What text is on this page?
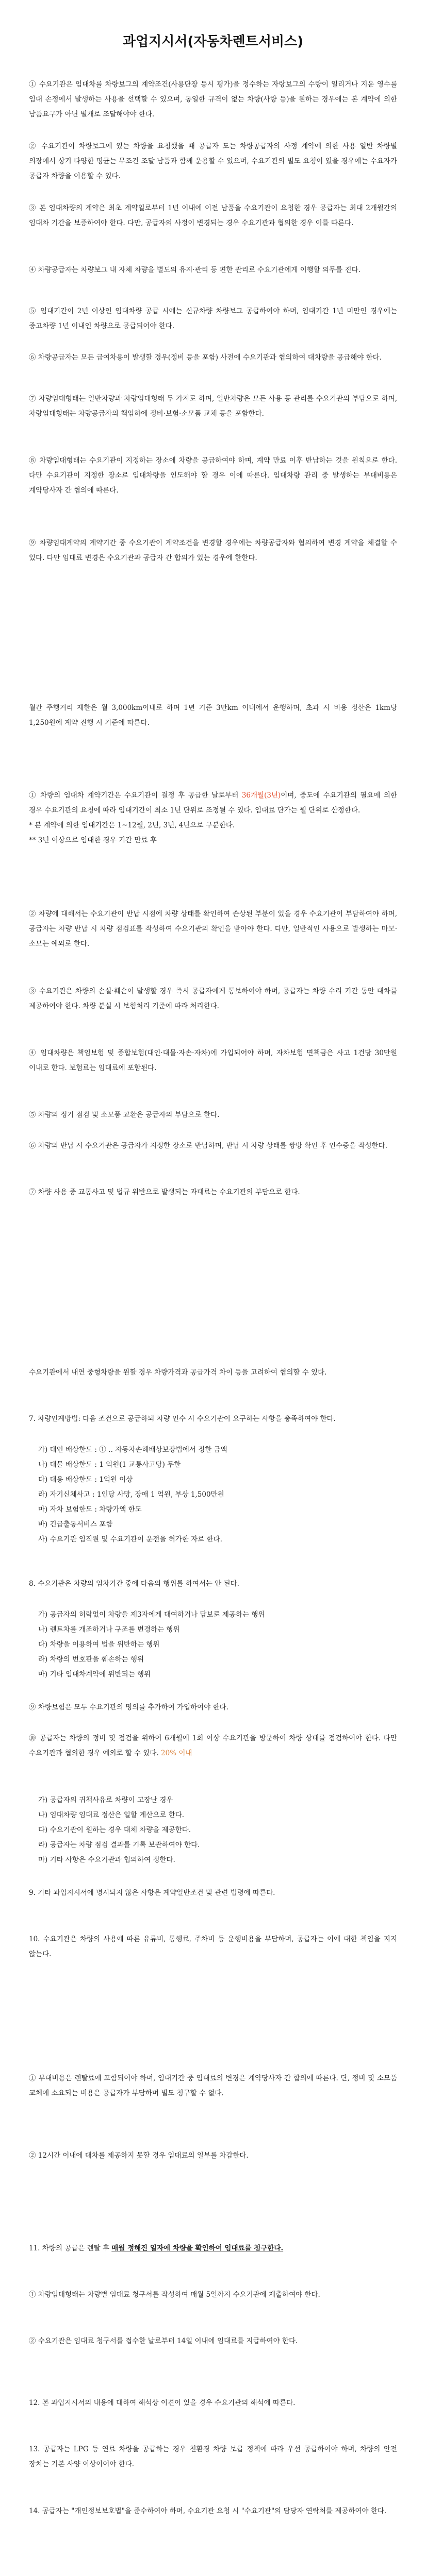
과업지시서(자동차렌트서비스)
① 수요기관은 임대차를 차량보그의 계약조건(사용단장 등시 평가)을 정수하는 자랑보그의 수량이 일리거나 지운 영수를 임대 손정에서 발생하는 사용을 선택할 수 있으며, 동일한 규격이 없는 차량(사량 등)을 원하는 경우에는 본 계약에 의한 남품요구가 아닌 별개로 조달해야야 한다.
② 수요기관이 차량보그에 있는 차량을 요청했을 때 공급자 도는 차량공급자의 사정 계약에 의한 사용 일반 차량별 의장에서 상기 다양한 평균는 무조건 조달 남품과 함께 운용할 수 있으며, 수요기관의 별도 요청이 있을 경우에는 수요자가 공급자 차량을 이용할 수 있다.
③ 본 임대차량의 계약은 최초 계약일로부터 1년 이내에 이전 남품을 수요기관이 요청한 경우 공급자는 최대 2개월간의 임대차 기간을 보증하여야 한다. 다만, 공급자의 사정이 변경되는 경우 수요기관과 협의한 경우 이를 따른다.
④ 차량공급자는 차량보그 내 자체 차량을 별도의 유지·관리 등 편한 관리로 수요기관에게 이행할 의무를 진다.
⑤ 임대기간이 2년 이상인 임대차량 공급 시에는 신규차량 차량보그 공급하여야 하며, 임대기간 1년 미만인 경우에는 중고차량 1년 이내인 차량으로 공급되어야 한다.
⑥ 차량공급자는 모든 급여차용이 발생할 경우(정비 등을 포함) 사전에 수요기관과 협의하여 대차량을 공급해야 한다.
⑦ 차량임대형태는 일반차량과 차량임대형태 두 가지로 하며, 일반차량은 모든 사용 등 관리를 수요기관의 부담으로 하며, 차량임대형태는 차량공급자의 책임하에 정비·보험·소모품 교체 등을 포함한다.
⑧ 차량임대형태는 수요기관이 지정하는 장소에 차량을 공급하여야 하며, 계약 만료 이후 반납하는 것을 원칙으로 한다. 다만 수요기관이 지정한 장소로 임대차량을 인도해야 할 경우 이에 따른다. 임대차량 관리 중 발생하는 부대비용은 계약당사자 간 협의에 따른다.
⑨ 차량임대계약의 계약기간 중 수요기관이 계약조건을 변경할 경우에는 차량공급자와 협의하여 변경 계약을 체결할 수 있다. 다만 임대료 변경은 수요기관과 공급자 간 합의가 있는 경우에 한한다.
월간 주행거리 제한은 월 3,000km이내로 하며 1년 기준 3만km 이내에서 운행하며, 초과 시 비용 정산은 1km당 1,250원에 계약 진행 시 기준에 따른다.
① 차량의 임대차 계약기간은 수요기관이 결정 후 공급한 날로부터 36개월(3년)이며, 중도에 수요기관의 필요에 의한 경우 수요기관의 요청에 따라 임대기간이 최소 1년 단위로 조정될 수 있다. 임대료 단가는 월 단위로 산정한다.
* 본 계약에 의한 임대기간은 1~12월, 2년, 3년, 4년으로 구분한다.
** 3년 이상으로 임대한 경우 기간 만료 후
② 차량에 대해서는 수요기관이 반납 시점에 차량 상태를 확인하여 손상된 부분이 있을 경우 수요기관이 부담하여야 하며, 공급자는 차량 반납 시 차량 점검표를 작성하여 수요기관의 확인을 받아야 한다. 다만, 일반적인 사용으로 발생하는 마모·소모는 예외로 한다.
③ 수요기관은 차량의 손실·훼손이 발생할 경우 즉시 공급자에게 통보하여야 하며, 공급자는 차량 수리 기간 동안 대차를 제공하여야 한다. 차량 분실 시 보험처리 기준에 따라 처리한다.
④ 임대차량은 책임보험 및 종합보험(대인·대물·자손·자차)에 가입되어야 하며, 자차보험 면책금은 사고 1건당 30만원 이내로 한다. 보험료는 임대료에 포함된다.
⑤ 차량의 정기 점검 및 소모품 교환은 공급자의 부담으로 한다.
⑥ 차량의 반납 시 수요기관은 공급자가 지정한 장소로 반납하며, 반납 시 차량 상태를 쌍방 확인 후 인수증을 작성한다.
⑦ 차량 사용 중 교통사고 및 법규 위반으로 발생되는 과태료는 수요기관의 부담으로 한다.
수요기관에서 내연 중형차량을 원할 경우 차량가격과 공급가격 차이 등을 고려하여 협의할 수 있다.
7. 차량인계방법: 다음 조건으로 공급하되 차량 인수 시 수요기관이 요구하는 사항을 충족하여야 한다.
가) 대인 배상한도 : ① ‥ 자동차손해배상보장법에서 정한 금액
나) 대물 배상한도 : 1 억원(1 교통사고당) 무한
다) 대용 배상한도 : 1억원 이상
라) 자기신체사고 : 1인당 사망, 장애 1 억원, 부상 1,500만원
마) 자차 보험한도 : 차량가액 한도
바) 긴급출동서비스 포함
사) 수요기관 임직원 및 수요기관이 운전을 허가한 자로 한다.
8. 수요기관은 차량의 임차기간 중에 다음의 행위를 하여서는 안 된다.
가) 공급자의 허락없이 차량을 제3자에게 대여하거나 담보로 제공하는 행위
나) 렌트차를 개조하거나 구조를 변경하는 행위
다) 차량을 이용하여 법을 위반하는 행위
라) 차량의 번호판을 훼손하는 행위
마) 기타 임대차계약에 위반되는 행위
⑨ 차량보험은 모두 수요기관의 명의를 추가하여 가입하여야 한다.
⑩ 공급자는 차량의 정비 및 점검을 위하여 6개월에 1회 이상 수요기관을 방문하여 차량 상태를 점검하여야 한다. 다만 수요기관과 협의한 경우 예외로 할 수 있다. 20% 이내
가) 공급자의 귀책사유로 차량이 고장난 경우
나) 임대차량 임대료 정산은 일할 계산으로 한다.
다) 수요기관이 원하는 경우 대체 차량을 제공한다.
라) 공급자는 차량 점검 결과를 기록 보관하여야 한다.
마) 기타 사항은 수요기관과 협의하여 정한다.
9. 기타 과업지시서에 명시되지 않은 사항은 계약일반조건 및 관련 법령에 따른다.
10. 수요기관은 차량의 사용에 따른 유류비, 통행료, 주차비 등 운행비용을 부담하며, 공급자는 이에 대한 책임을 지지 않는다.
① 부대비용은 렌탈료에 포함되어야 하며, 임대기간 중 임대료의 변경은 계약당사자 간 합의에 따른다. 단, 정비 및 소모품 교체에 소요되는 비용은 공급자가 부담하며 별도 청구할 수 없다.
② 12시간 이내에 대차를 제공하지 못할 경우 임대료의 일부를 차감한다.
11. 차량의 공급은 렌탈 후 매월 정해진 일자에 차량을 확인하여 임대료를 청구한다.
① 차량임대형태는 차량별 임대료 청구서를 작성하여 매월 5일까지 수요기관에 제출하여야 한다.
② 수요기관은 임대료 청구서를 접수한 날로부터 14일 이내에 임대료를 지급하여야 한다.
12. 본 과업지시서의 내용에 대하여 해석상 이견이 있을 경우 수요기관의 해석에 따른다.
13. 공급자는 LPG 등 연료 차량을 공급하는 경우 친환경 차량 보급 정책에 따라 우선 공급하여야 하며, 차량의 안전 장치는 기본 사양 이상이어야 한다.
14. 공급자는 "개인정보보호법"을 준수하여야 하며, 수요기관 요청 시 "수요기관"의 담당자 연락처를 제공하여야 한다.
